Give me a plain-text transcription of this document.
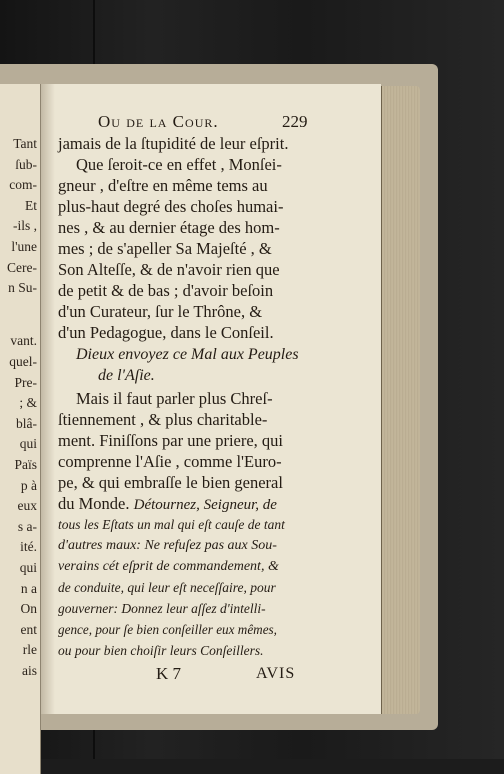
Tant
ſub-
com-
Et
-ils ,
l'une
Cere-
n Su-
vant.
quel-
Pre-
; &
blâ-
qui
Païs
p à
eux
s a-
ité.
qui
n a
On
ent
rle
ais
Ou de la Cour.	229
jamais de la ſtupidité de leur eſprit.
Que ſeroit-ce en effet , Monſei-
gneur , d'eſtre en même tems au
plus-haut degré des choſes humai-
nes , & au dernier étage des hom-
mes ; de s'apeller Sa Majeſté , &
Son Alteſſe, & de n'avoir rien que
de petit & de bas ; d'avoir beſoin
d'un Curateur, ſur le Thrône, &
d'un Pedagogue, dans le Conſeil.
Dieux envoyez ce Mal aux Peuples
de l'Aſie.
Mais il faut parler plus Chreſ-
ſtiennement , & plus charitable-
ment. Finiſſons par une priere, qui
comprenne l'Aſie , comme l'Euro-
pe, & qui embraſſe le bien general
du Monde. Détournez, Seigneur, de
tous les Eſtats un mal qui eſt cauſe de tant
d'autres maux: Ne refuſez pas aux Sou-
verains cét eſprit de commandement, &
de conduite, qui leur eſt neceſſaire, pour
gouverner: Donnez leur aſſez d'intelli-
gence, pour ſe bien conſeiller eux mêmes,
ou pour bien choiſir leurs Conſeillers.
K 7	AVIS
